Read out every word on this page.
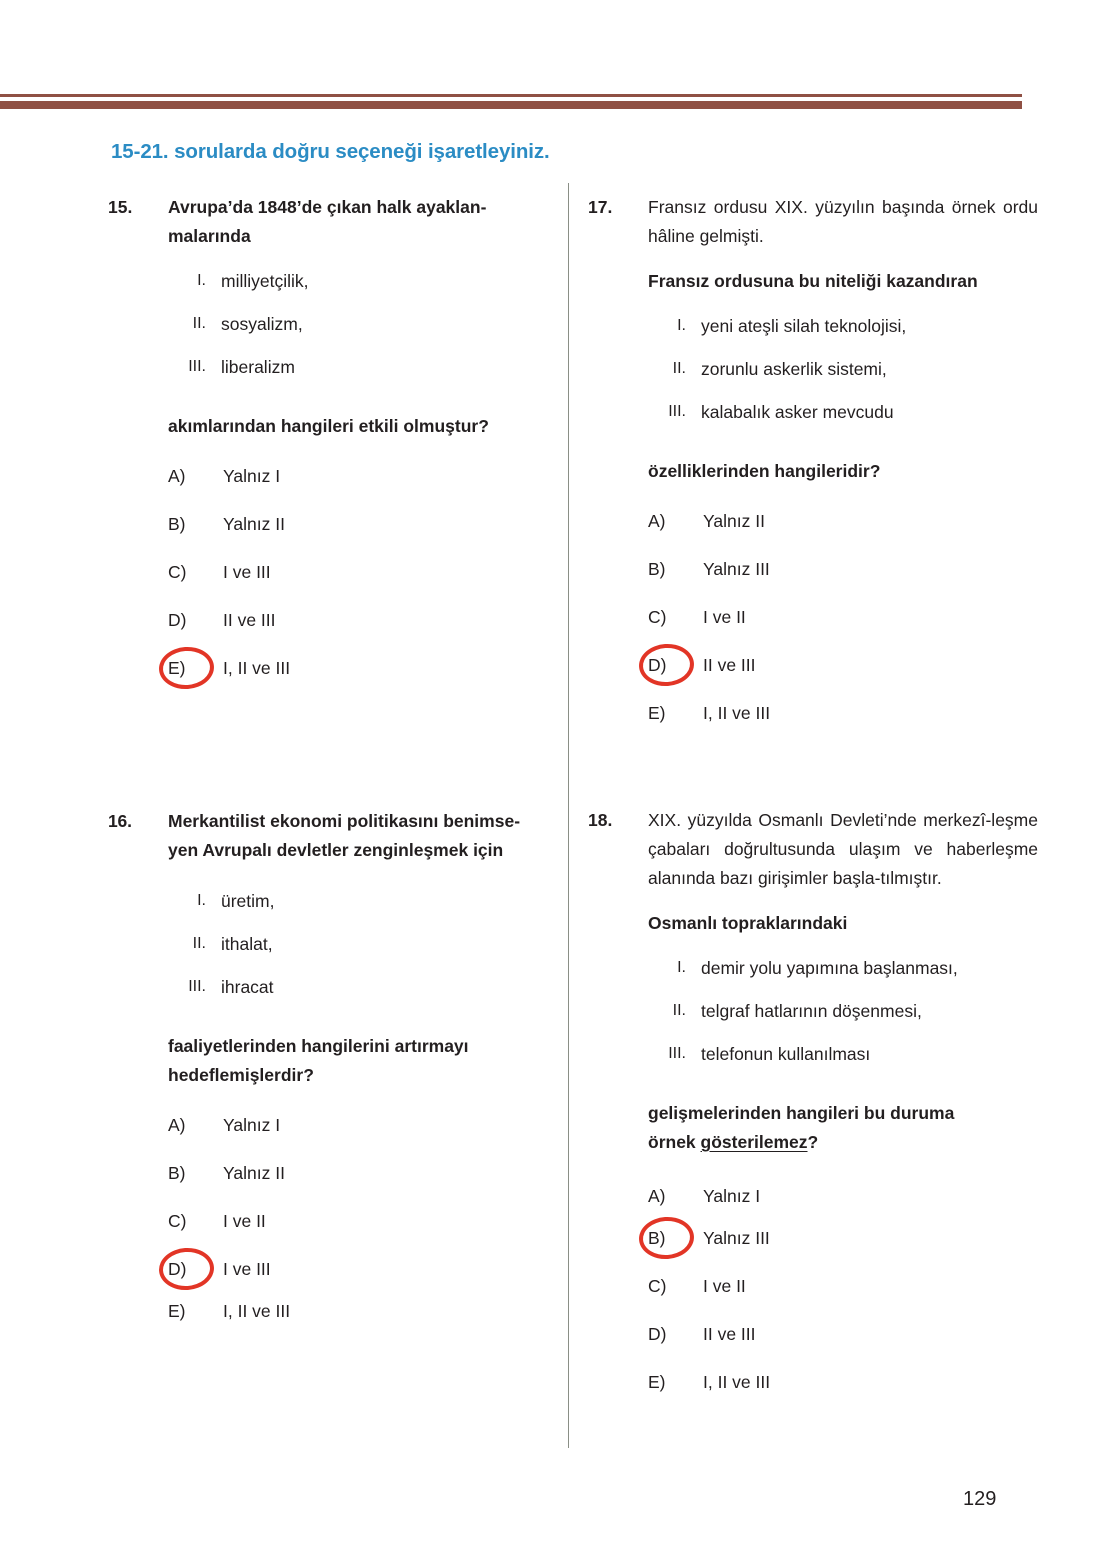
15-21. sorularda doğru seçeneği işaretleyiniz.
15.	Avrupa’da 1848’de çıkan halk ayaklan-
malarında
I. milliyetçilik,
II. sosyalizm,
III. liberalizm
akımlarından hangileri etkili olmuştur?
A)	Yalnız I
B)	Yalnız II
C)	I ve III
D)	II ve III
E)	I, II ve III
16.	Merkantilist ekonomi politikasını benimse-
yen Avrupalı devletler zenginleşmek için
I. üretim,
II. ithalat,
III. ihracat
faaliyetlerinden hangilerini artırmayı
hedeflemişlerdir?
A)	Yalnız I
B)	Yalnız II
C)	I ve II
D)	I ve III
E)	I, II ve III
17.	Fransız ordusu XIX. yüzyılın başında örnek ordu hâline gelmişti.
Fransız ordusuna bu niteliği kazandıran
I. yeni ateşli silah teknolojisi,
II. zorunlu askerlik sistemi,
III. kalabalık asker mevcudu
özelliklerinden hangileridir?
A)	Yalnız II
B)	Yalnız III
C)	I ve II
D)	II ve III
E)	I, II ve III
18.	XIX. yüzyılda Osmanlı Devleti’nde merkezî-leşme çabaları doğrultusunda ulaşım ve haberleşme alanında bazı girişimler başla-tılmıştır.
Osmanlı topraklarındaki
I. demir yolu yapımına başlanması,
II. telgraf hatlarının döşenmesi,
III. telefonun kullanılması
gelişmelerinden hangileri bu duruma
örnek gösterilemez?
A)	Yalnız I
B)	Yalnız III
C)	I ve II
D)	II ve III
E)	I, II ve III
129
